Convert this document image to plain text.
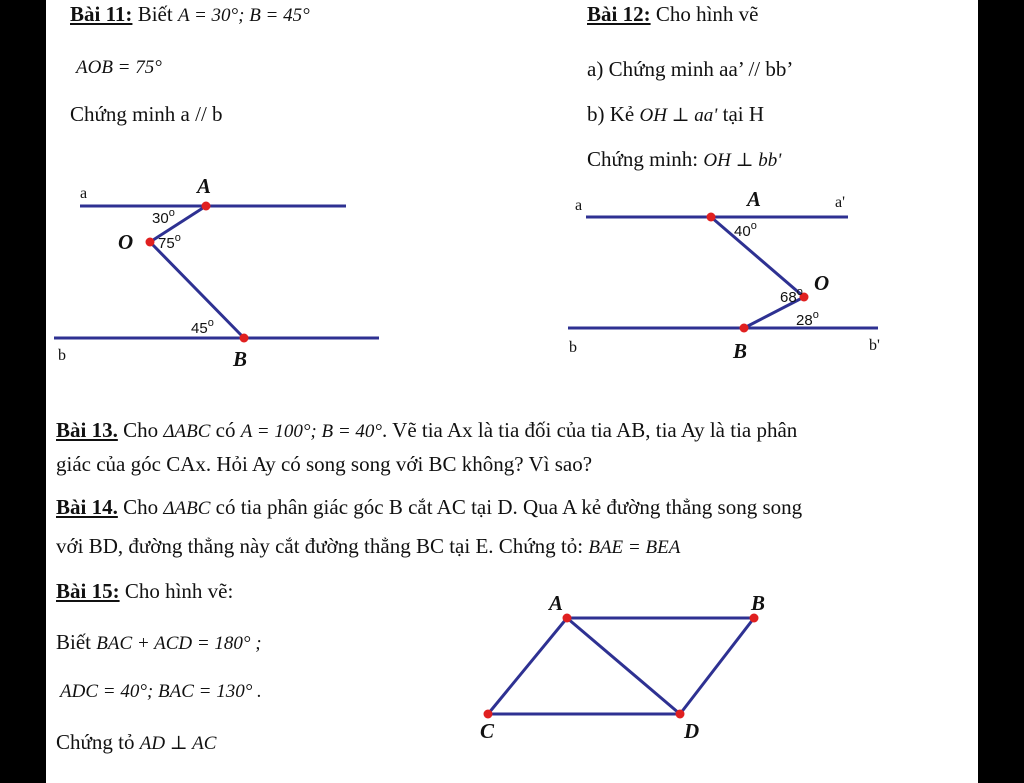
Bài 11: Biết A = 30°; B = 45°
AOB = 75°
Chứng minh a // b
a
b
A
O
B
30$^o$
75$^o$
45$^o$
Bài 12: Cho hình vẽ
a) Chứng minh aa’ // bb’
b) Kẻ OH ⊥ aa' tại H
Chứng minh: OH ⊥ bb'
a	a'
b	b'
A
O
B
40$^o$
68$^o$
28$^o$
Bài 13. Cho ΔABC có A = 100°; B = 40°. Vẽ tia Ax là tia đối của tia AB, tia Ay là tia phân
giác của góc CAx. Hỏi Ay có song song với BC không? Vì sao?
Bài 14. Cho ΔABC có tia phân giác góc B cắt AC tại D. Qua A kẻ đường thẳng song song
với BD, đường thẳng này cắt đường thẳng BC tại E. Chứng tỏ: BAE = BEA
Bài 15: Cho hình vẽ:
Biết BAC + ACD = 180° ;
ADC = 40°; BAC = 130° .
Chứng tỏ AD ⊥ AC
A	B
C	D
